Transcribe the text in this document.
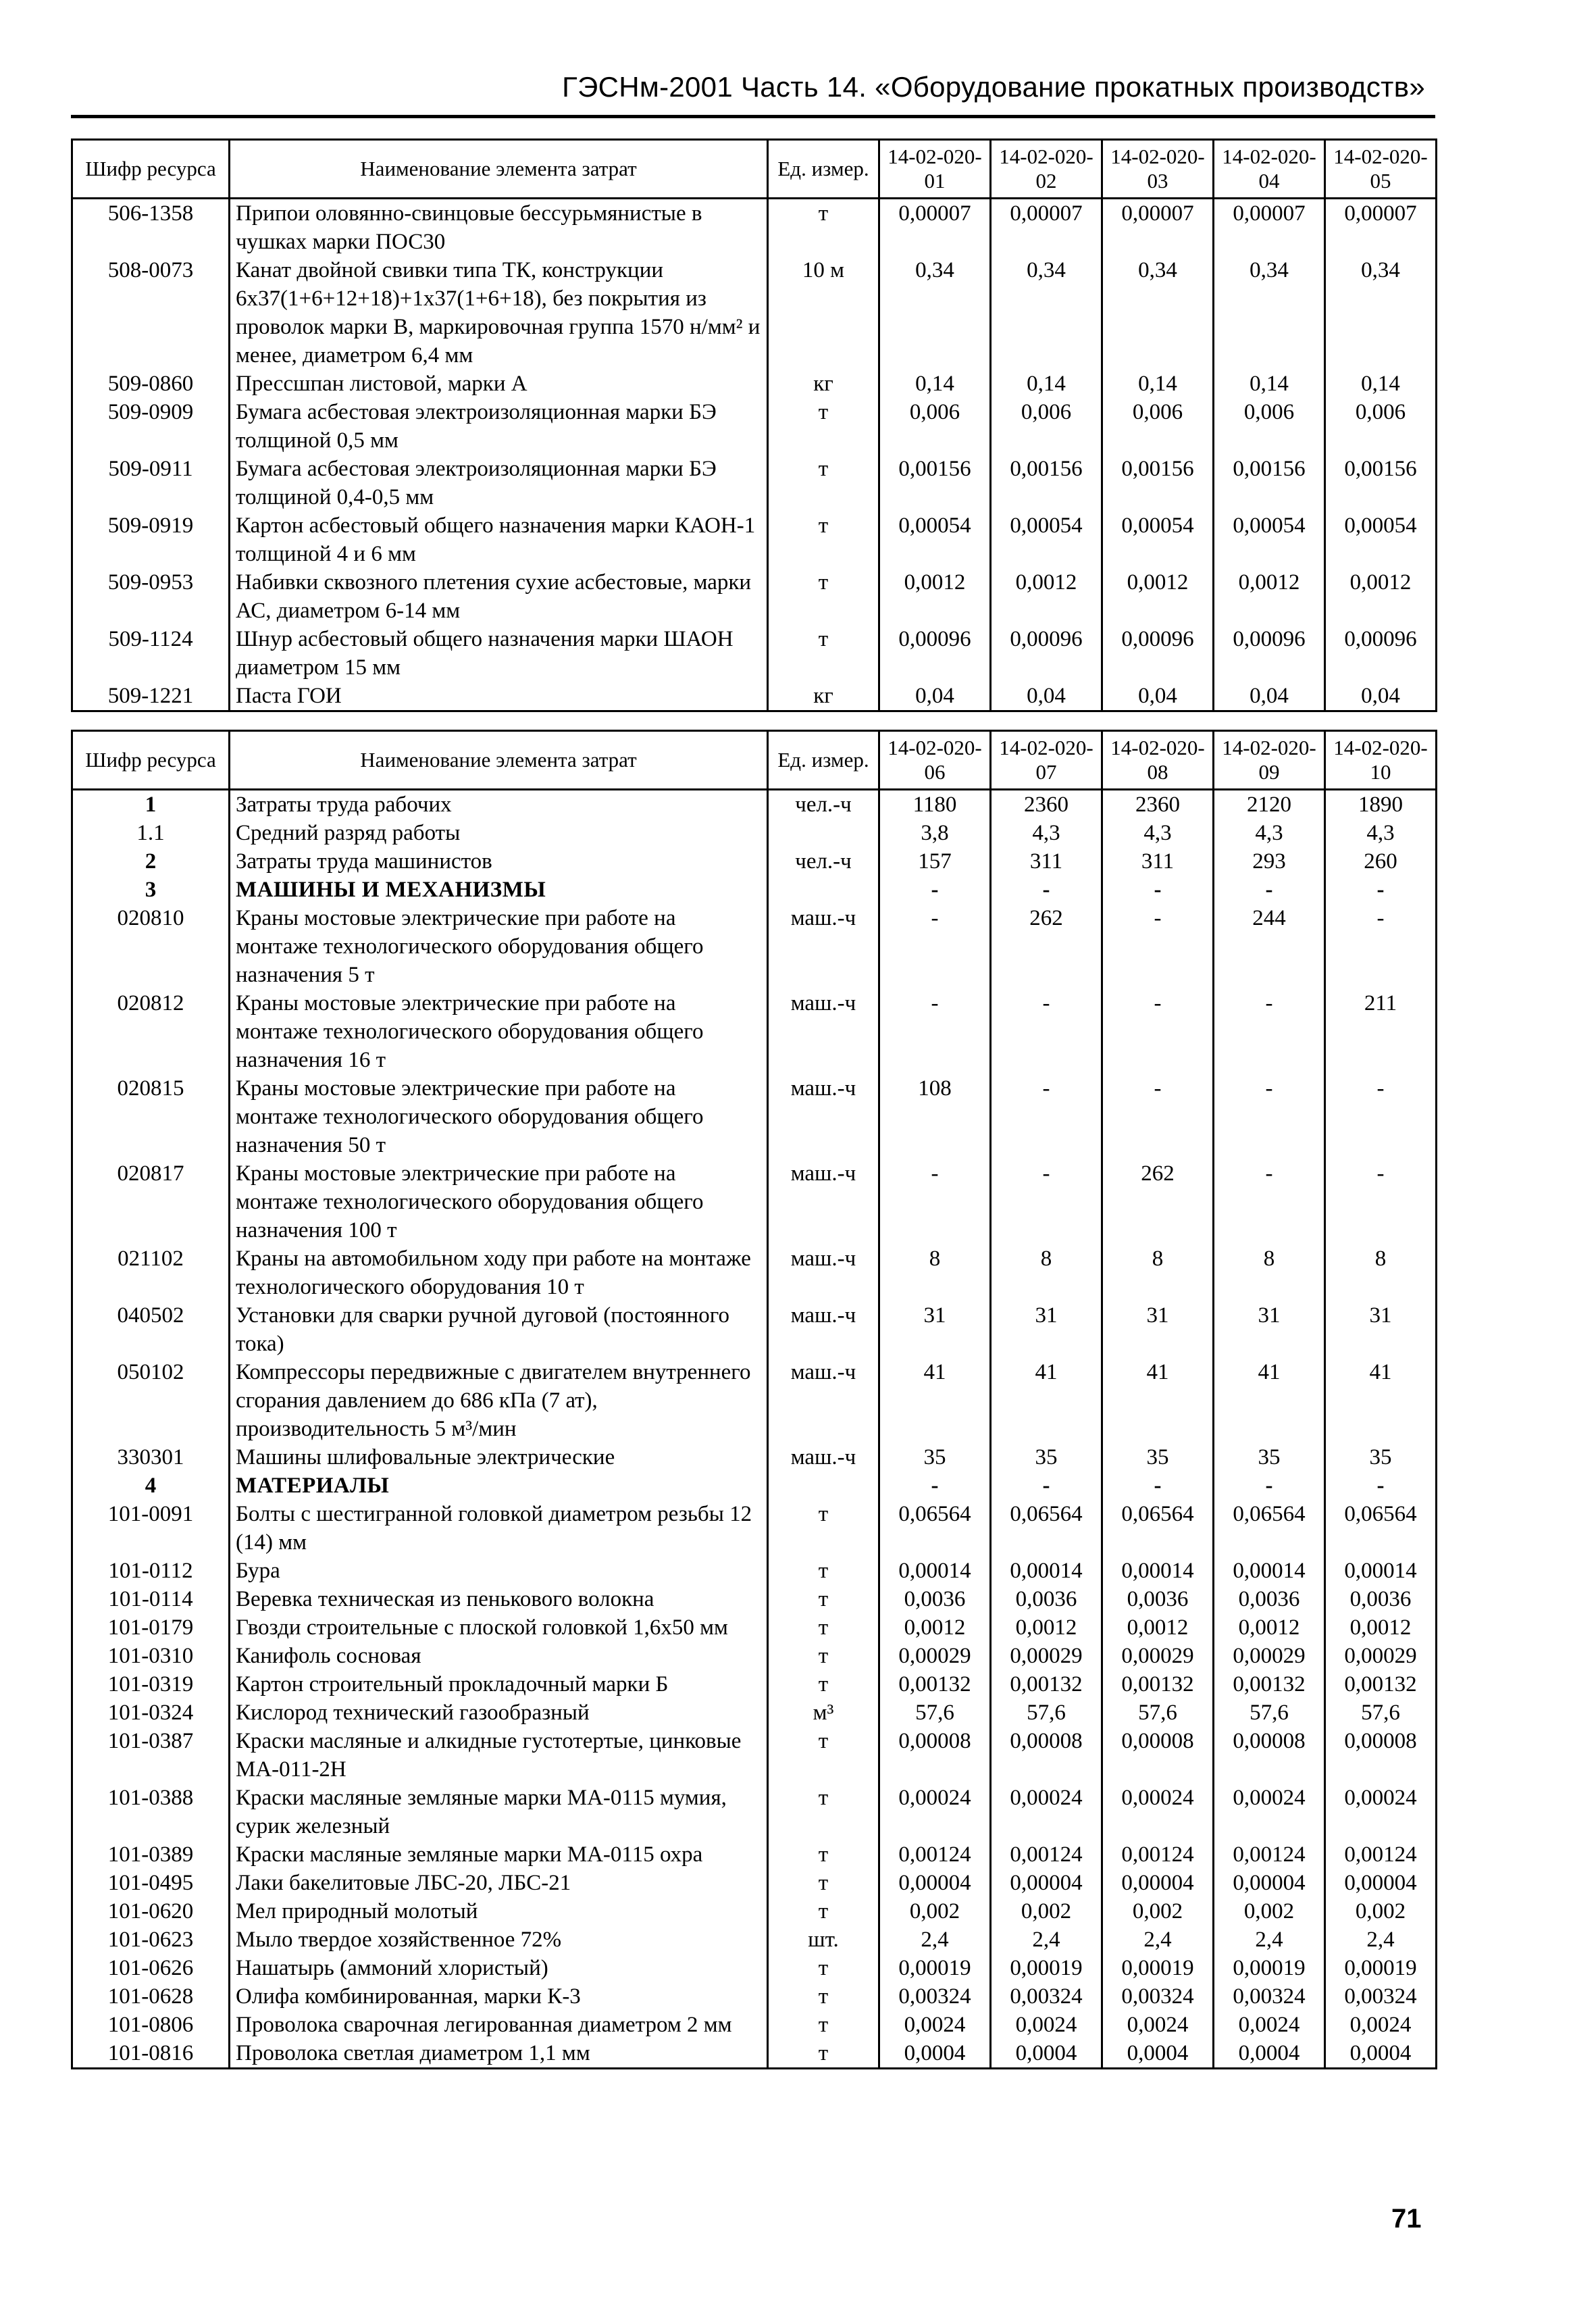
ГЭСНм-2001 Часть 14. «Оборудование прокатных производств»
Шифр ресурса	Наименование элемента затрат	Ед. измер.	14-02-020-01	14-02-020-02	14-02-020-03	14-02-020-04	14-02-020-05
506-1358	Припои оловянно-свинцовые бессурьмянистые в чушках марки ПОС30	т	0,00007	0,00007	0,00007	0,00007	0,00007
508-0073	Канат двойной свивки типа ТК, конструкции 6x37(1+6+12+18)+1x37(1+6+18), без покрытия из проволок марки В, маркировочная группа 1570 н/мм² и менее, диаметром 6,4 мм	10 м	0,34	0,34	0,34	0,34	0,34
509-0860	Прессшпан листовой, марки А	кг	0,14	0,14	0,14	0,14	0,14
509-0909	Бумага асбестовая электроизоляционная марки БЭ толщиной 0,5 мм	т	0,006	0,006	0,006	0,006	0,006
509-0911	Бумага асбестовая электроизоляционная марки БЭ толщиной 0,4-0,5 мм	т	0,00156	0,00156	0,00156	0,00156	0,00156
509-0919	Картон асбестовый общего назначения марки КАОН-1 толщиной 4 и 6 мм	т	0,00054	0,00054	0,00054	0,00054	0,00054
509-0953	Набивки сквозного плетения сухие асбестовые, марки АС, диаметром 6-14 мм	т	0,0012	0,0012	0,0012	0,0012	0,0012
509-1124	Шнур асбестовый общего назначения марки ШАОН диаметром 15 мм	т	0,00096	0,00096	0,00096	0,00096	0,00096
509-1221	Паста ГОИ	кг	0,04	0,04	0,04	0,04	0,04
Шифр ресурса	Наименование элемента затрат	Ед. измер.	14-02-020-06	14-02-020-07	14-02-020-08	14-02-020-09	14-02-020-10
1	Затраты труда рабочих	чел.-ч	1180	2360	2360	2120	1890
1.1	Средний разряд работы		3,8	4,3	4,3	4,3	4,3
2	Затраты труда машинистов	чел.-ч	157	311	311	293	260
3	МАШИНЫ И МЕХАНИЗМЫ		-	-	-	-	-
020810	Краны мостовые электрические при работе на монтаже технологического оборудования общего назначения 5 т	маш.-ч	-	262	-	244	-
020812	Краны мостовые электрические при работе на монтаже технологического оборудования общего назначения 16 т	маш.-ч	-	-	-	-	211
020815	Краны мостовые электрические при работе на монтаже технологического оборудования общего назначения 50 т	маш.-ч	108	-	-	-	-
020817	Краны мостовые электрические при работе на монтаже технологического оборудования общего назначения 100 т	маш.-ч	-	-	262	-	-
021102	Краны на автомобильном ходу при работе на монтаже технологического оборудования 10 т	маш.-ч	8	8	8	8	8
040502	Установки для сварки ручной дуговой (постоянного тока)	маш.-ч	31	31	31	31	31
050102	Компрессоры передвижные с двигателем внутреннего сгорания давлением до 686 кПа (7 ат), производительность 5 м³/мин	маш.-ч	41	41	41	41	41
330301	Машины шлифовальные электрические	маш.-ч	35	35	35	35	35
4	МАТЕРИАЛЫ		-	-	-	-	-
101-0091	Болты с шестигранной головкой диаметром резьбы 12 (14) мм	т	0,06564	0,06564	0,06564	0,06564	0,06564
101-0112	Бура	т	0,00014	0,00014	0,00014	0,00014	0,00014
101-0114	Веревка техническая из пенькового волокна	т	0,0036	0,0036	0,0036	0,0036	0,0036
101-0179	Гвозди строительные с плоской головкой 1,6x50 мм	т	0,0012	0,0012	0,0012	0,0012	0,0012
101-0310	Канифоль сосновая	т	0,00029	0,00029	0,00029	0,00029	0,00029
101-0319	Картон строительный прокладочный марки Б	т	0,00132	0,00132	0,00132	0,00132	0,00132
101-0324	Кислород технический газообразный	м³	57,6	57,6	57,6	57,6	57,6
101-0387	Краски масляные и алкидные густотертые, цинковые МА-011-2Н	т	0,00008	0,00008	0,00008	0,00008	0,00008
101-0388	Краски масляные земляные марки МА-0115 мумия, сурик железный	т	0,00024	0,00024	0,00024	0,00024	0,00024
101-0389	Краски масляные земляные марки МА-0115 охра	т	0,00124	0,00124	0,00124	0,00124	0,00124
101-0495	Лаки бакелитовые ЛБС-20, ЛБС-21	т	0,00004	0,00004	0,00004	0,00004	0,00004
101-0620	Мел природный молотый	т	0,002	0,002	0,002	0,002	0,002
101-0623	Мыло твердое хозяйственное 72%	шт.	2,4	2,4	2,4	2,4	2,4
101-0626	Нашатырь (аммоний хлористый)	т	0,00019	0,00019	0,00019	0,00019	0,00019
101-0628	Олифа комбинированная, марки К-3	т	0,00324	0,00324	0,00324	0,00324	0,00324
101-0806	Проволока сварочная легированная диаметром 2 мм	т	0,0024	0,0024	0,0024	0,0024	0,0024
101-0816	Проволока светлая диаметром 1,1 мм	т	0,0004	0,0004	0,0004	0,0004	0,0004
71
